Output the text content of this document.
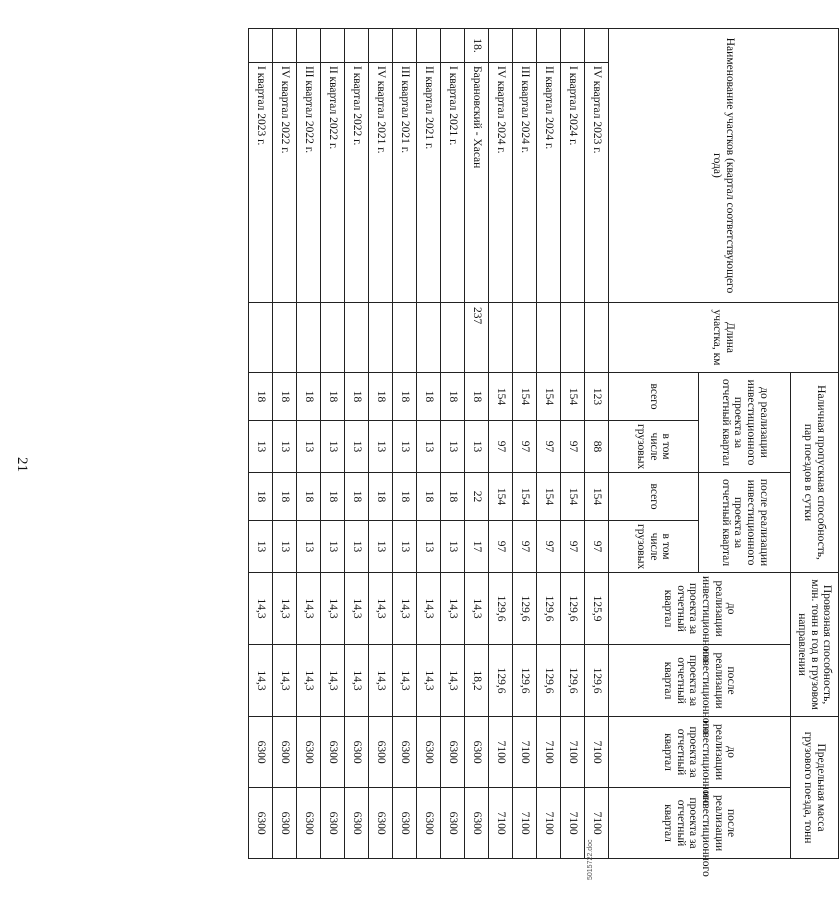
21
Наименование участков (квартал соответствующего года)		Длина участка, км	Наличная пропускная способность, пар поездов в сутки				Провозная способность, млн. тонн в год в грузовом направлении		Предельная масса грузового поезда, тонн	
			до реализации инвестиционного проекта за отчетный квартал		после реализации инвестиционного проекта за отчетный квартал		до реализации инвестиционного проекта за отчетный квартал	после реализации инвестиционного проекта за отчетный квартал	до реализации инвестиционного проекта за отчетный квартал	после реализации инвестиционного проекта за отчетный квартал
			всего	в том числе грузовых	всего	в том числе грузовых				
	IV квартал 2023 г.		123	88	154	97	125,9	129,6	7100	7100
	I квартал 2024 г.		154	97	154	97	129,6	129,6	7100	7100
	II квартал 2024 г.		154	97	154	97	129,6	129,6	7100	7100
	III квартал 2024 г.		154	97	154	97	129,6	129,6	7100	7100
	IV квартал 2024 г.		154	97	154	97	129,6	129,6	7100	7100
18.	Барановский - Хасан	237	18	13	22	17	14,3	18,2	6300	6300
	I квартал 2021 г.		18	13	18	13	14,3	14,3	6300	6300
	II квартал 2021 г.		18	13	18	13	14,3	14,3	6300	6300
	III квартал 2021 г.		18	13	18	13	14,3	14,3	6300	6300
	IV квартал 2021 г.		18	13	18	13	14,3	14,3	6300	6300
	I квартал 2022 г.		18	13	18	13	14,3	14,3	6300	6300
	II квартал 2022 г.		18	13	18	13	14,3	14,3	6300	6300
	III квартал 2022 г.		18	13	18	13	14,3	14,3	6300	6300
	IV квартал 2022 г.		18	13	18	13	14,3	14,3	6300	6300
	I квартал 2023 г.		18	13	18	13	14,3	14,3	6300	6300
5015722.doc
